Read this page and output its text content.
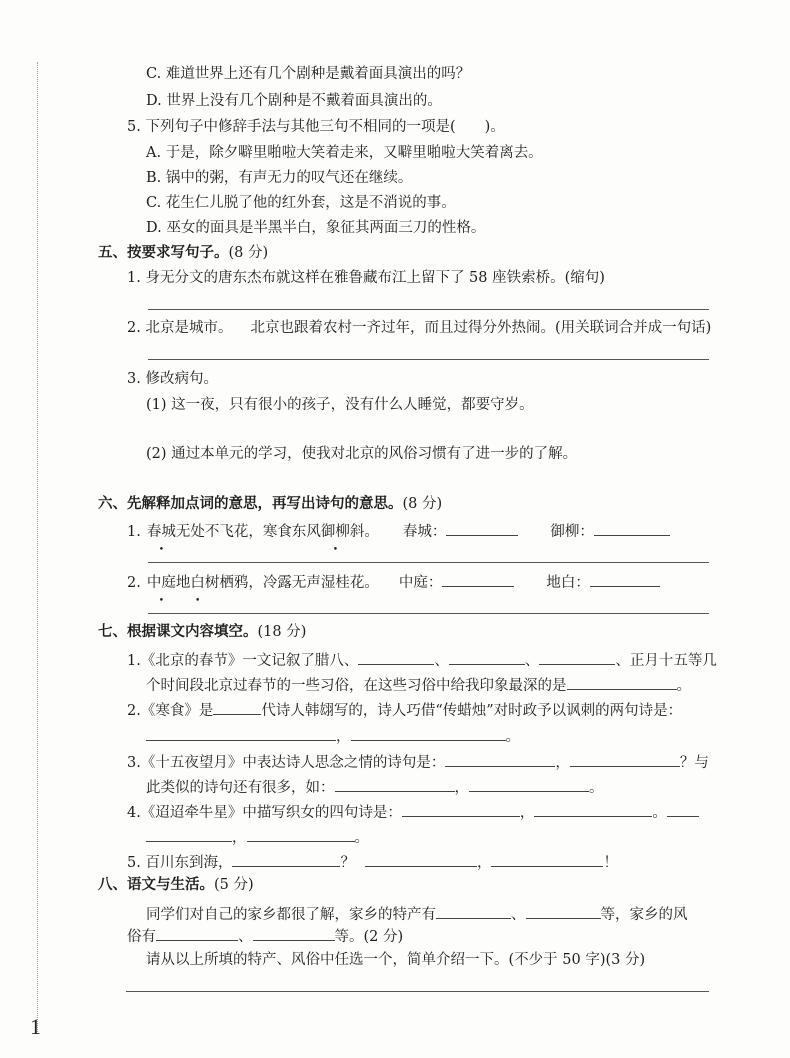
C. 难道世界上还有几个剧种是戴着面具演出的吗？
D. 世界上没有几个剧种是不戴着面具演出的。
5. 下列句子中修辞手法与其他三句不相同的一项是(　　)。
A. 于是，除夕噼里啪啦大笑着走来，又噼里啪啦大笑着离去。
B. 锅中的粥，有声无力的叹气还在继续。
C. 花生仁儿脱了他的红外套，这是不消说的事。
D. 巫女的面具是半黑半白，象征其两面三刀的性格。
五、按要求写句子。(8 分)
1. 身无分文的唐东杰布就这样在雅鲁藏布江上留下了 58 座铁索桥。(缩句)
2. 北京是城市。 北京也跟着农村一齐过年，而且过得分外热闹。(用关联词合并成一句话)
3. 修改病句。
(1) 这一夜，只有很小的孩子，没有什么人睡觉，都要守岁。
(2) 通过本单元的学习，使我对北京的风俗习惯有了进一步的了解。
六、先解释加点词的意思，再写出诗句的意思。(8 分)
1. 春城无处不飞花，寒食东风御柳斜。 春城：	御柳：
2. 中庭地白树栖鸦，冷露无声湿桂花。 中庭：	地白：
七、根据课文内容填空。(18 分)
1.《北京的春节》一文记叙了腊八、	、	、	、正月十五等几
个时间段北京过春节的一些习俗，在这些习俗中给我印象最深的是	。
2.《寒食》是	代诗人韩翃写的，诗人巧借“传蜡烛”对时政予以讽刺的两句诗是：
，	。
3.《十五夜望月》中表达诗人思念之情的诗句是：	，	？与
此类似的诗句还有很多，如：	，	。
4.《迢迢牵牛星》中描写织女的四句诗是：	，	。
，	。
5. 百川东到海，	？	，	！
八、语文与生活。(5 分)
同学们对自己的家乡都很了解，家乡的特产有	、	等，家乡的风
俗有	、	等。(2 分)
请从以上所填的特产、风俗中任选一个，简单介绍一下。(不少于 50 字)(3 分)
1
